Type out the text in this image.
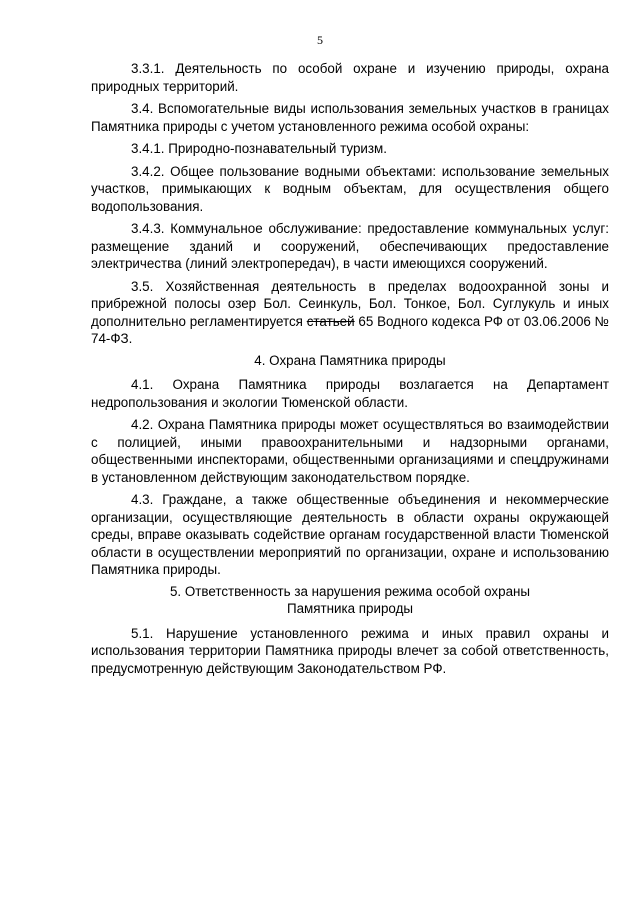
5

3.3.1. Деятельность по особой охране и изучению природы, охрана природных территорий.

3.4. Вспомогательные виды использования земельных участков в границах Памятника природы с учетом установленного режима особой охраны:

3.4.1. Природно-познавательный туризм.

3.4.2. Общее пользование водными объектами: использование земельных участков, примыкающих к водным объектам, для осуществления общего водопользования.

3.4.3. Коммунальное обслуживание: предоставление коммунальных услуг: размещение зданий и сооружений, обеспечивающих предоставление электричества (линий электропередач), в части имеющихся сооружений.

3.5. Хозяйственная деятельность в пределах водоохранной зоны и прибрежной полосы озер Бол. Сеинкуль, Бол. Тонкое, Бол. Суглукуль и иных дополнительно регламентируется статьей 65 Водного кодекса РФ от 03.06.2006 № 74-ФЗ.

4. Охрана Памятника природы

4.1. Охрана Памятника природы возлагается на Департамент недропользования и экологии Тюменской области.

4.2. Охрана Памятника природы может осуществляться во взаимодействии с полицией, иными правоохранительными и надзорными органами, общественными инспекторами, общественными организациями и спецдружинами в установленном действующим законодательством порядке.

4.3. Граждане, а также общественные объединения и некоммерческие организации, осуществляющие деятельность в области охраны окружающей среды, вправе оказывать содействие органам государственной власти Тюменской области в осуществлении мероприятий по организации, охране и использованию Памятника природы.

5. Ответственность за нарушения режима особой охраны
Памятника природы

5.1. Нарушение установленного режима и иных правил охраны и использования территории Памятника природы влечет за собой ответственность, предусмотренную действующим Законодательством РФ.
